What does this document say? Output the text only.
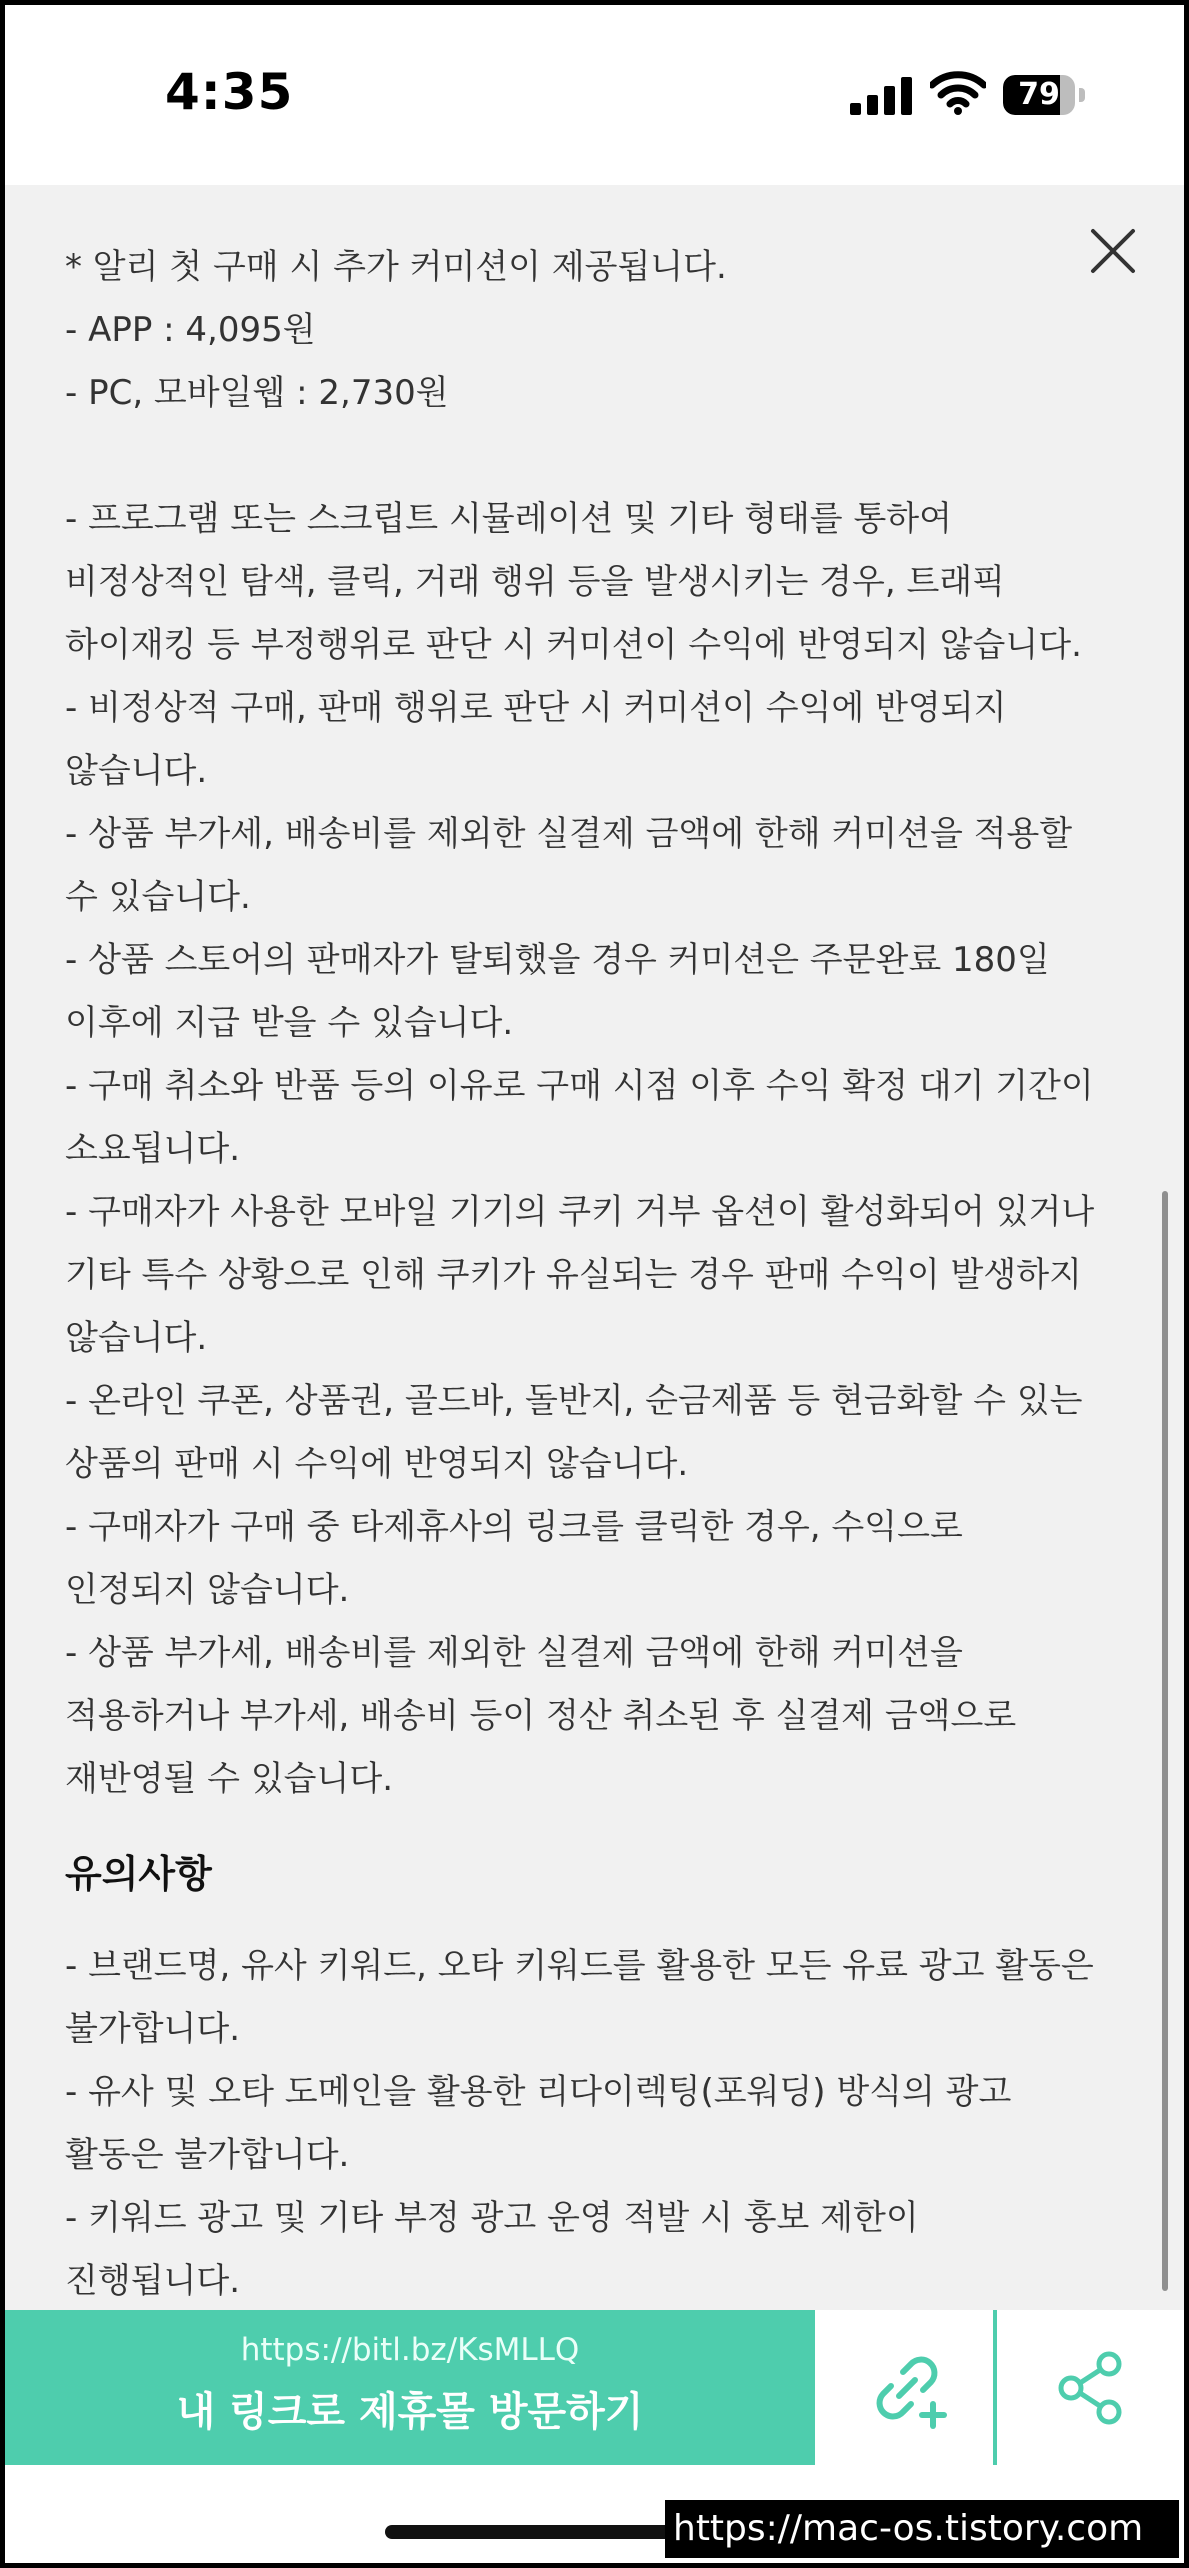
4:35	79
* 알리 첫 구매 시 추가 커미션이 제공됩니다.
- APP : 4,095원
- PC, 모바일웹 : 2,730원
- 프로그램 또는 스크립트 시뮬레이션 및 기타 형태를 통하여
비정상적인 탐색, 클릭, 거래 행위 등을 발생시키는 경우, 트래픽
하이재킹 등 부정행위로 판단 시 커미션이 수익에 반영되지 않습니다.
- 비정상적 구매, 판매 행위로 판단 시 커미션이 수익에 반영되지
않습니다.
- 상품 부가세, 배송비를 제외한 실결제 금액에 한해 커미션을 적용할
수 있습니다.
- 상품 스토어의 판매자가 탈퇴했을 경우 커미션은 주문완료 180일
이후에 지급 받을 수 있습니다.
- 구매 취소와 반품 등의 이유로 구매 시점 이후 수익 확정 대기 기간이
소요됩니다.
- 구매자가 사용한 모바일 기기의 쿠키 거부 옵션이 활성화되어 있거나
기타 특수 상황으로 인해 쿠키가 유실되는 경우 판매 수익이 발생하지
않습니다.
- 온라인 쿠폰, 상품권, 골드바, 돌반지, 순금제품 등 현금화할 수 있는
상품의 판매 시 수익에 반영되지 않습니다.
- 구매자가 구매 중 타제휴사의 링크를 클릭한 경우, 수익으로
인정되지 않습니다.
- 상품 부가세, 배송비를 제외한 실결제 금액에 한해 커미션을
적용하거나 부가세, 배송비 등이 정산 취소된 후 실결제 금액으로
재반영될 수 있습니다.
유의사항
- 브랜드명, 유사 키워드, 오타 키워드를 활용한 모든 유료 광고 활동은
불가합니다.
- 유사 및 오타 도메인을 활용한 리다이렉팅(포워딩) 방식의 광고
활동은 불가합니다.
- 키워드 광고 및 기타 부정 광고 운영 적발 시 홍보 제한이
진행됩니다.
https://bitl.bz/KsMLLQ
내 링크로 제휴몰 방문하기
https://mac-os.tistory.com
